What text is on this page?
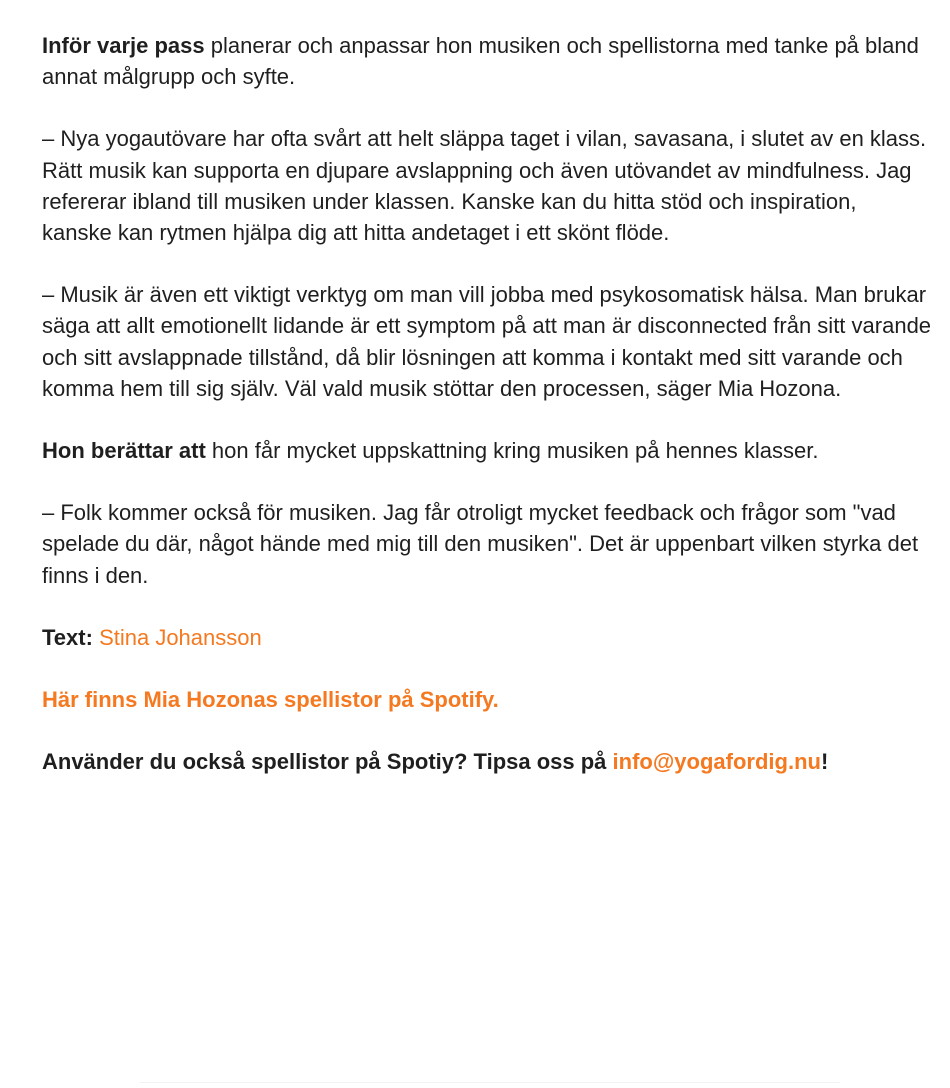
Inför varje pass planerar och anpassar hon musiken och spellistorna med tanke på bland annat målgrupp och syfte.

– Nya yogautövare har ofta svårt att helt släppa taget i vilan, savasana, i slutet av en klass. Rätt musik kan supporta en djupare avslappning och även utövandet av mindfulness. Jag refererar ibland till musiken under klassen. Kanske kan du hitta stöd och inspiration, kanske kan rytmen hjälpa dig att hitta andetaget i ett skönt flöde.

– Musik är även ett viktigt verktyg om man vill jobba med psykosomatisk hälsa. Man brukar säga att allt emotionellt lidande är ett symptom på att man är disconnected från sitt varande och sitt avslappnade tillstånd, då blir lösningen att komma i kontakt med sitt varande och komma hem till sig själv. Väl vald musik stöttar den processen, säger Mia Hozona.

Hon berättar att hon får mycket uppskattning kring musiken på hennes klasser.

– Folk kommer också för musiken. Jag får otroligt mycket feedback och frågor som "vad spelade du där, något hände med mig till den musiken". Det är uppenbart vilken styrka det finns i den.

Text: Stina Johansson

Här finns Mia Hozonas spellistor på Spotify.

Använder du också spellistor på Spotiy? Tipsa oss på info@yogafordig.nu!
